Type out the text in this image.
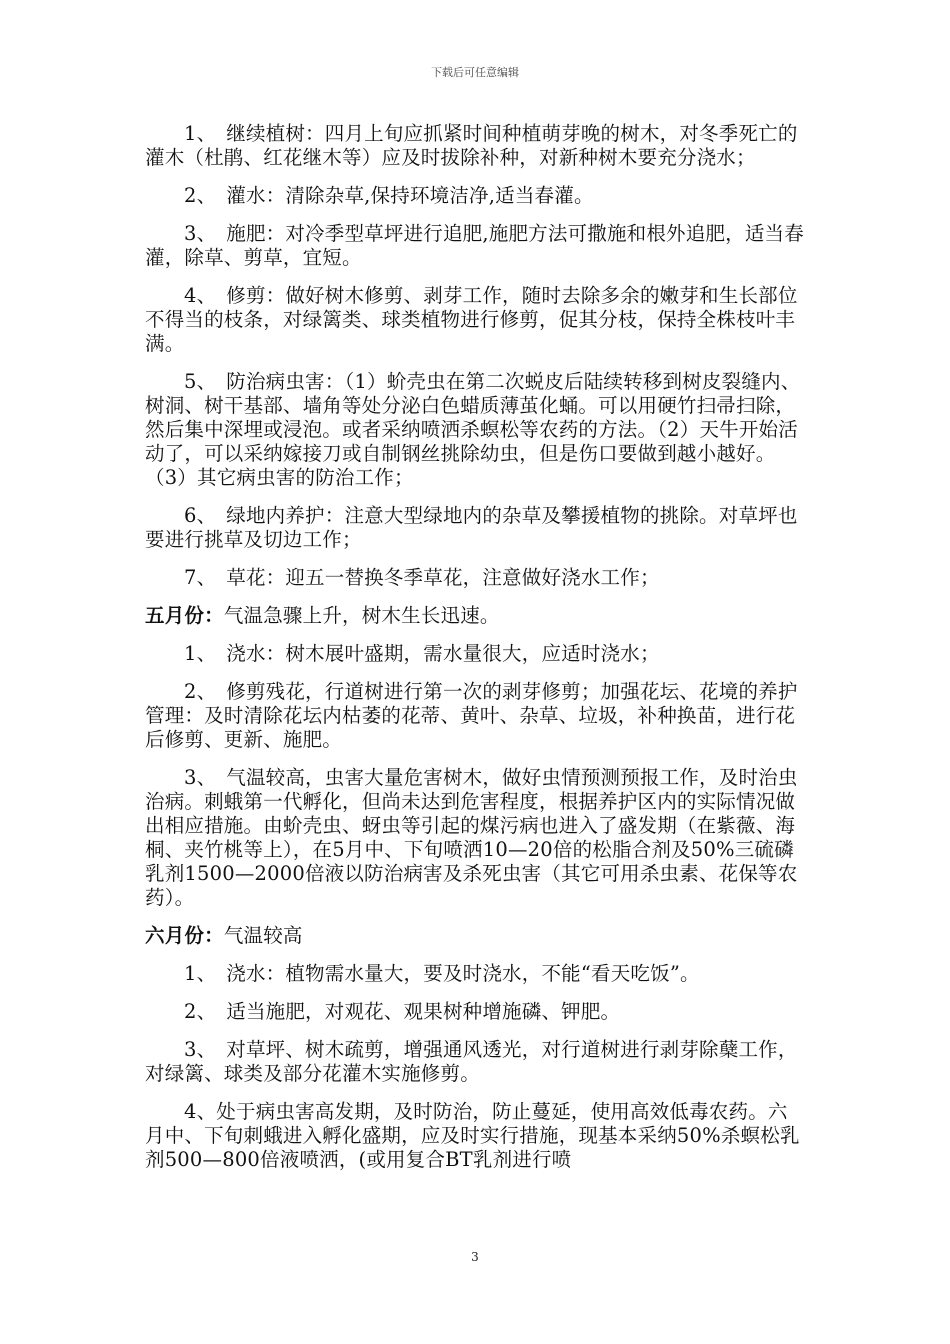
下载后可任意编辑

1、　继续植树：四月上旬应抓紧时间种植萌芽晚的树木，对冬季死亡的灌木（杜鹃、红花继木等）应及时拔除补种，对新种树木要充分浇水；

2、　灌水：清除杂草,保持环境洁净,适当春灌。

3、　施肥：对冷季型草坪进行追肥,施肥方法可撒施和根外追肥，适当春灌，除草、剪草，宜短。

4、　修剪：做好树木修剪、剥芽工作，随时去除多余的嫩芽和生长部位不得当的枝条，对绿篱类、球类植物进行修剪，促其分枝，保持全株枝叶丰满。

5、　防治病虫害：（1）蚧壳虫在第二次蜕皮后陆续转移到树皮裂缝内、树洞、树干基部、墙角等处分泌白色蜡质薄茧化蛹。可以用硬竹扫帚扫除，然后集中深埋或浸泡。或者采纳喷洒杀螟松等农药的方法。（2）天牛开始活动了，可以采纳嫁接刀或自制钢丝挑除幼虫，但是伤口要做到越小越好。（3）其它病虫害的防治工作；

6、　绿地内养护：注意大型绿地内的杂草及攀援植物的挑除。对草坪也要进行挑草及切边工作；

7、　草花：迎五一替换冬季草花，注意做好浇水工作；

五月份：气温急骤上升，树木生长迅速。

1、　浇水：树木展叶盛期，需水量很大，应适时浇水；

2、　修剪残花，行道树进行第一次的剥芽修剪；加强花坛、花境的养护管理：及时清除花坛内枯萎的花蒂、黄叶、杂草、垃圾，补种换苗，进行花后修剪、更新、施肥。

3、　气温较高，虫害大量危害树木，做好虫情预测预报工作，及时治虫治病。刺蛾第一代孵化，但尚未达到危害程度，根据养护区内的实际情况做出相应措施。由蚧壳虫、蚜虫等引起的煤污病也进入了盛发期（在紫薇、海桐、夹竹桃等上），在5月中、下旬喷洒10—20倍的松脂合剂及50%三硫磷乳剂1500—2000倍液以防治病害及杀死虫害（其它可用杀虫素、花保等农药）。

六月份：气温较高

1、　浇水：植物需水量大，要及时浇水，不能“看天吃饭”。

2、　适当施肥，对观花、观果树种增施磷、钾肥。

3、　对草坪、树木疏剪，增强通风透光，对行道树进行剥芽除蘖工作，对绿篱、球类及部分花灌木实施修剪。

4、处于病虫害高发期，及时防治，防止蔓延，使用高效低毒农药。六月中、下旬刺蛾进入孵化盛期，应及时实行措施，现基本采纳50%杀螟松乳剂500—800倍液喷洒，(或用复合BT乳剂进行喷

3
